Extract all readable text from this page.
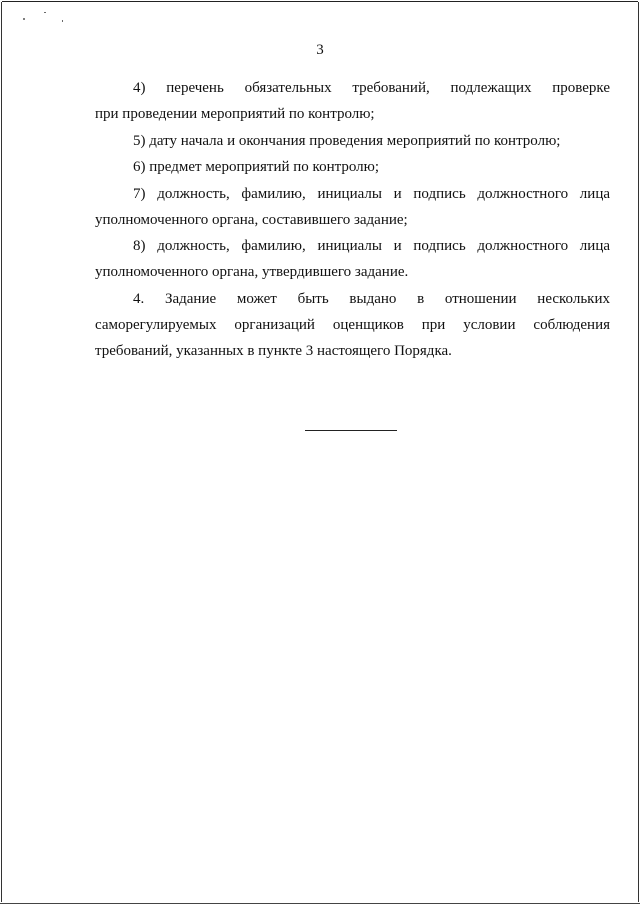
3

4) перечень обязательных требований, подлежащих проверке

при проведении мероприятий по контролю;

5) дату начала и окончания проведения мероприятий по контролю;

6) предмет мероприятий по контролю;

7) должность, фамилию, инициалы и подпись должностного лица

уполномоченного органа, составившего задание;

8) должность, фамилию, инициалы и подпись должностного лица

уполномоченного органа, утвердившего задание.

4. Задание может быть выдано в отношении нескольких

саморегулируемых организаций оценщиков при условии соблюдения

требований, указанных в пункте 3 настоящего Порядка.
